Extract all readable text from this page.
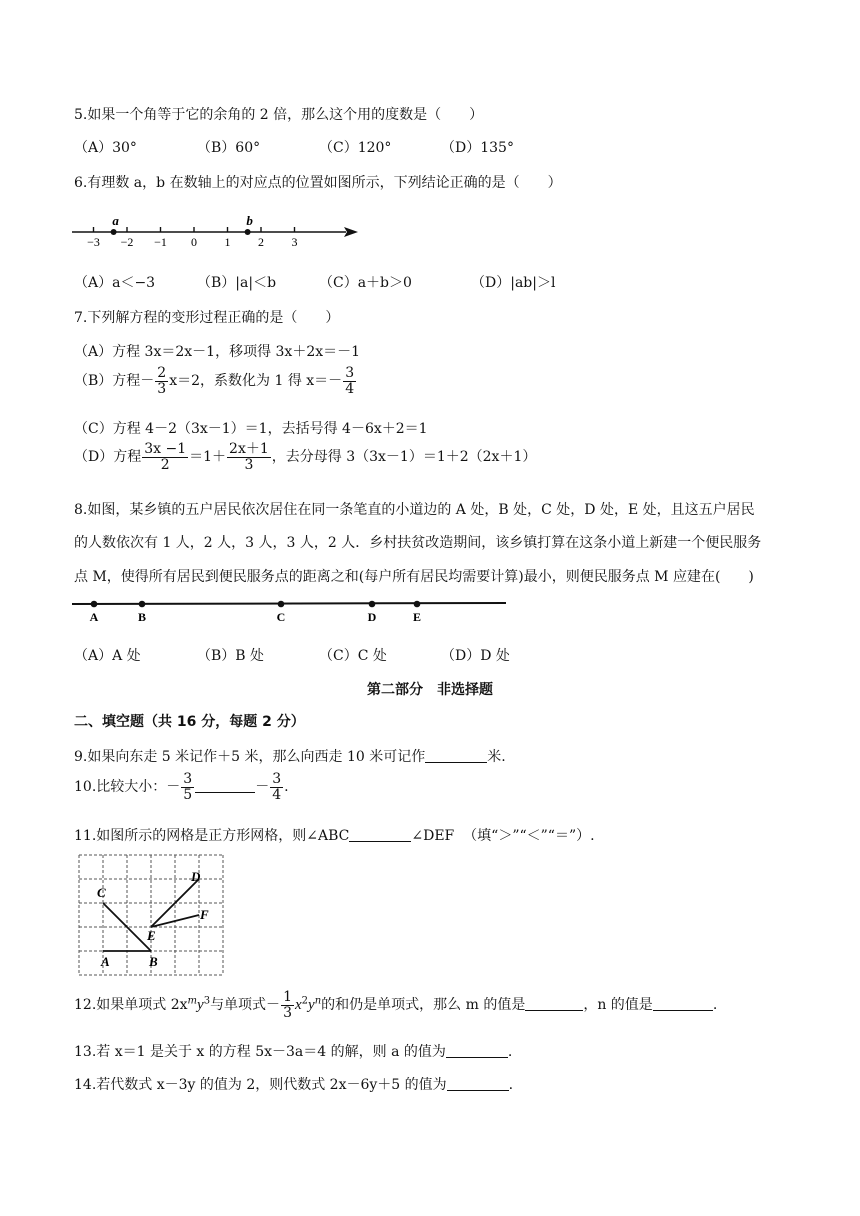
5.如果一个角等于它的余角的 2 倍，那么这个用的度数是（　　）
（A）30°	（B）60°	（C）120°	（D）135°
6.有理数 a，b 在数轴上的对应点的位置如图所示，下列结论正确的是（　　）
−3 −2 −1 0 1 2 3
a	b
（A）a＜−3	（B）|a|＜b	（C）a＋b＞0	（D）|ab|＞l
7.下列解方程的变形过程正确的是（　　）
（A）方程 3x＝2x－1，移项得 3x＋2x＝－1
（B）方程－ $\frac{2}{3} x=2$，系数化为 1 得 $x=- \frac{3}{4}$
（C）方程 4－2（3x－1）＝1，去括号得 4－6x＋2＝1
（D）方程 $\frac{3x -1}{2} =1+ \frac{2x+1}{3}$ ，去分母得 3（3x－1）＝1＋2（2x＋1）
8.如图，某乡镇的五户居民依次居住在同一条笔直的小道边的 A 处，B 处，C 处，D 处，E 处，且这五户居民
的人数依次有 1 人，2 人，3 人，3 人，2 人．乡村扶贫改造期间，该乡镇打算在这条小道上新建一个便民服务
点 M，使得所有居民到便民服务点的距离之和(每户所有居民均需要计算)最小，则便民服务点 M 应建在(　　)
A	B	C	D	E
（A）A 处	（B）B 处	（C）C 处	（D）D 处
第二部分　非选择题
二、填空题（共 16 分，每题 2 分）
9.如果向东走 5 米记作＋5 米，那么向西走 10 米可记作	米.
10.比较大小：－ $\frac{3}{5}$	－ $\frac{3}{4}$ .
11.如图所示的网格是正方形网格，则∠ABC	∠DEF （填“＞”“＜”“＝”）.
A	B
C
D
E
F
12.如果单项式 $2x^my^3$与单项式－ $\frac{1}{3} x^2y^n$的和仍是单项式，那么 m 的值是	，n 的值是	.
13.若 x＝1 是关于 x 的方程 5x－3a＝4 的解，则 a 的值为	.
14.若代数式 x－3y 的值为 2，则代数式 2x－6y＋5 的值为	.
